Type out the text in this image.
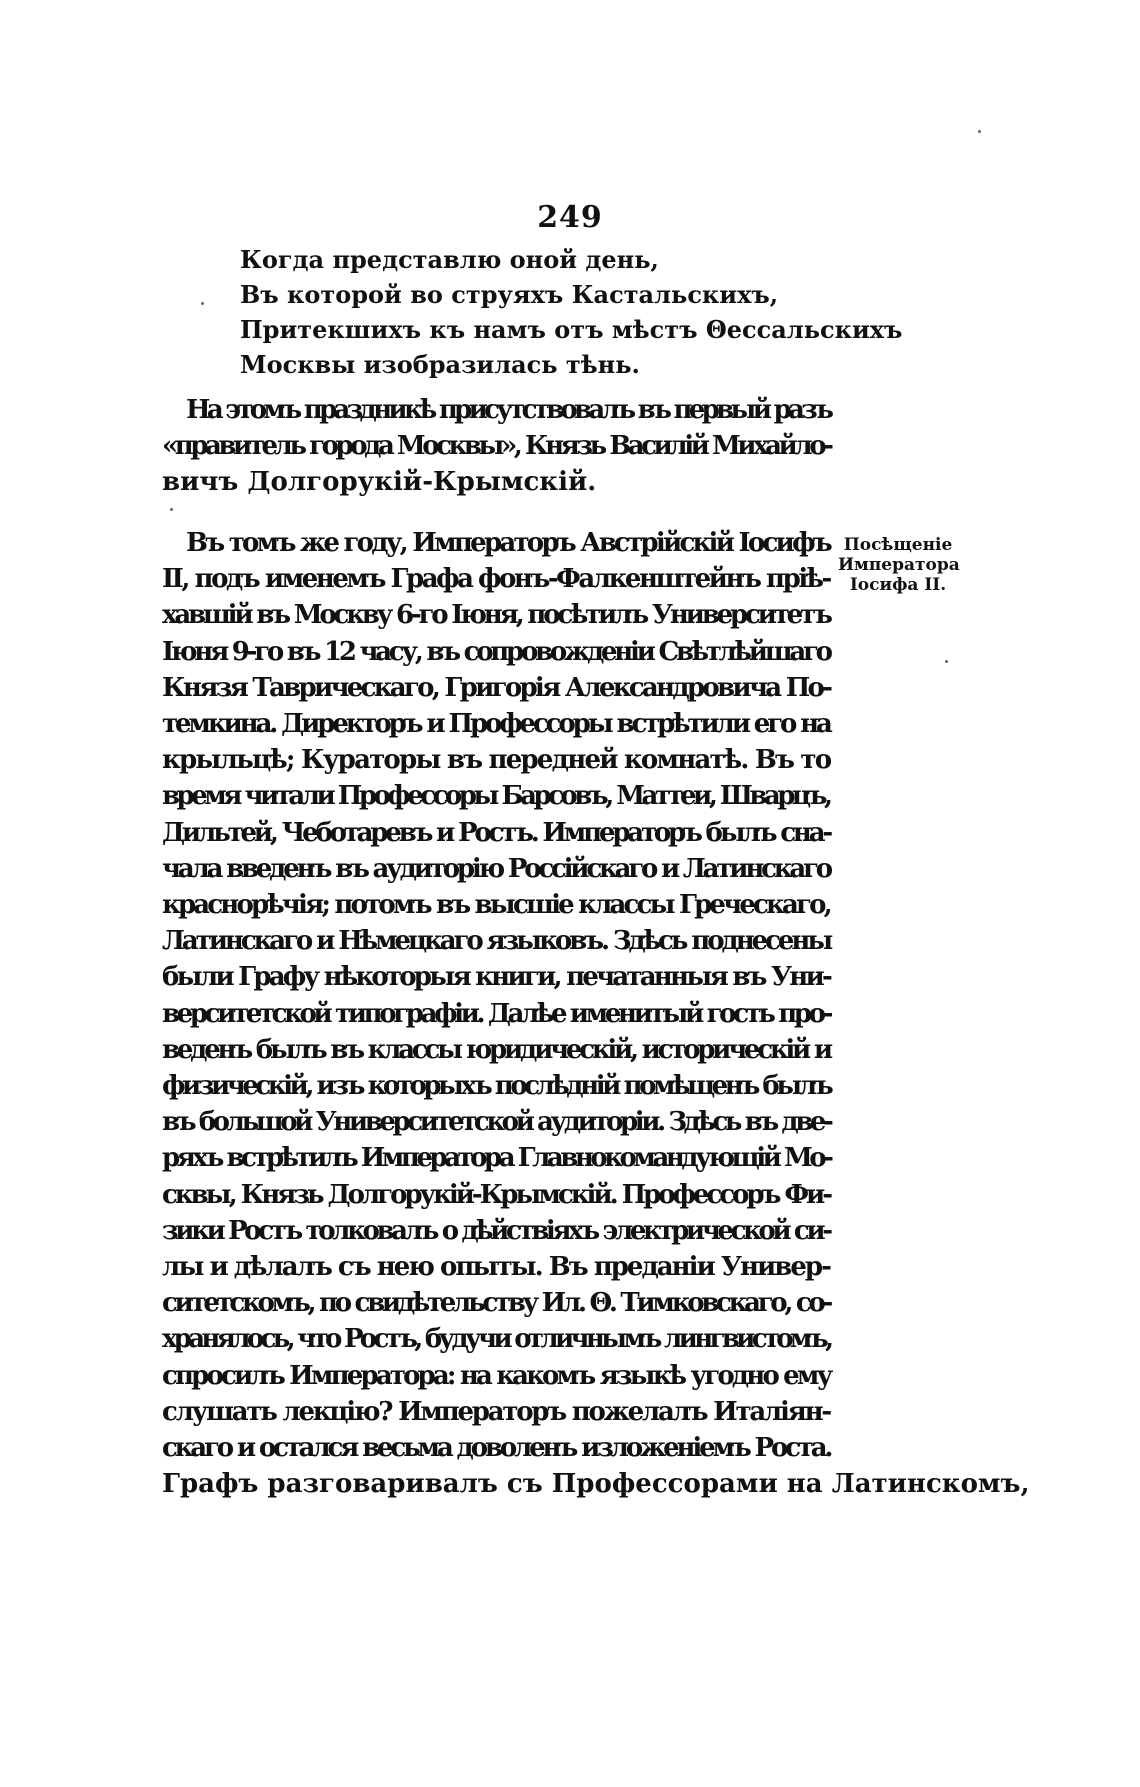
249
Когда представлю оной день,
Въ которой во струяхъ Кастальскихъ,
Притекшихъ къ намъ отъ мѣстъ Θессальскихъ
Москвы изобразилась тѣнь.
На этомъ праздникѣ присутствовалъ въ первый разъ
«правитель города Москвы», Князь Василій Михайло-
вичъ Долгорукій-Крымскій.
Въ томъ же году, Императоръ Австрійскій Іосифъ
II, подъ именемъ Графа фонъ-Фалкенштейнъ прiѣ-
хавшій въ Москву 6-го Іюня, посѣтилъ Университетъ
Іюня 9-го въ 12 часу, въ сопровожденіи Свѣтлѣйшаго
Князя Таврическаго, Григорія Александровича По-
темкина. Директоръ и Профессоры встрѣтили его на
крыльцѣ; Кураторы въ передней комнатѣ. Въ то
время читали Профессоры Барсовъ, Маттеи, Шварцъ,
Дильтей, Чеботаревъ и Ростъ. Императоръ былъ сна-
чала введенъ въ аудиторію Россійскаго и Латинскаго
краснорѣчія; потомъ въ высшіе классы Греческаго,
Латинскаго и Нѣмецкаго языковъ. Здѣсь поднесены
были Графу нѣкоторыя книги, печатанныя въ Уни-
верситетской типографіи. Далѣе именитый гость про-
веденъ былъ въ классы юридическій, историческій и
физическій, изъ которыхъ послѣдній помѣщенъ былъ
въ большой Университетской аудиторіи. Здѣсь въ две-
ряхъ встрѣтилъ Императора Главнокомандующій Мо-
сквы, Князь Долгорукій-Крымскій. Профессоръ Фи-
зики Ростъ толковалъ о дѣйствіяхъ электрической си-
лы и дѣлалъ съ нею опыты. Въ преданіи Универ-
ситетскомъ, по свидѣтельству Ил. Θ. Тимковскаго, со-
хранялось, что Ростъ, будучи отличнымъ лингвистомъ,
спросилъ Императора: на какомъ языкѣ угодно ему
слушать лекцію? Императоръ пожелалъ Италіян-
скаго и остался весьма доволенъ изложеніемъ Роста.
Графъ разговаривалъ съ Профессорами на Латинскомъ,
Посѣщеніе
Императора
Іосифа II.
